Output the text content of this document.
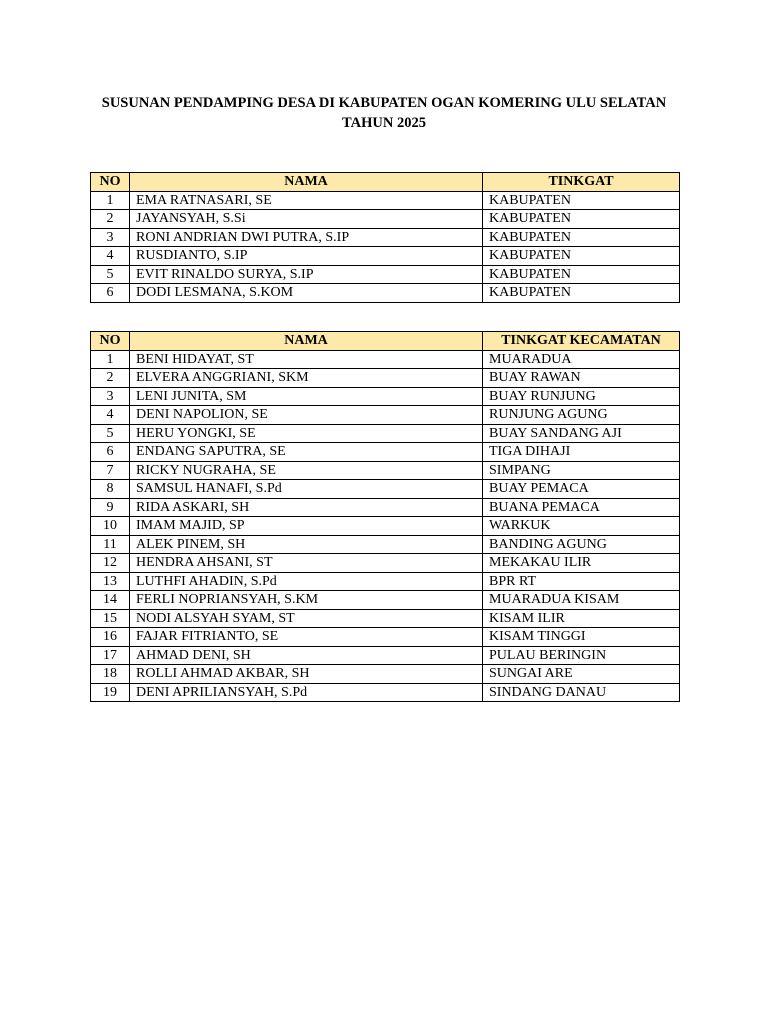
SUSUNAN PENDAMPING DESA DI KABUPATEN OGAN KOMERING ULU SELATAN
TAHUN 2025
NO	NAMA	TINKGAT
1	EMA RATNASARI, SE	KABUPATEN
2	JAYANSYAH, S.Si	KABUPATEN
3	RONI ANDRIAN DWI PUTRA, S.IP	KABUPATEN
4	RUSDIANTO, S.IP	KABUPATEN
5	EVIT RINALDO SURYA, S.IP	KABUPATEN
6	DODI LESMANA, S.KOM	KABUPATEN
NO	NAMA	TINKGAT KECAMATAN
1	BENI HIDAYAT, ST	MUARADUA
2	ELVERA ANGGRIANI, SKM	BUAY RAWAN
3	LENI JUNITA, SM	BUAY RUNJUNG
4	DENI NAPOLION, SE	RUNJUNG AGUNG
5	HERU YONGKI, SE	BUAY SANDANG AJI
6	ENDANG SAPUTRA, SE	TIGA DIHAJI
7	RICKY NUGRAHA, SE	SIMPANG
8	SAMSUL HANAFI, S.Pd	BUAY PEMACA
9	RIDA ASKARI, SH	BUANA PEMACA
10	IMAM MAJID, SP	WARKUK
11	ALEK PINEM, SH	BANDING AGUNG
12	HENDRA AHSANI, ST	MEKAKAU ILIR
13	LUTHFI AHADIN, S.Pd	BPR RT
14	FERLI NOPRIANSYAH, S.KM	MUARADUA KISAM
15	NODI ALSYAH SYAM, ST	KISAM ILIR
16	FAJAR FITRIANTO, SE	KISAM TINGGI
17	AHMAD DENI, SH	PULAU BERINGIN
18	ROLLI AHMAD AKBAR, SH	SUNGAI ARE
19	DENI APRILIANSYAH, S.Pd	SINDANG DANAU
